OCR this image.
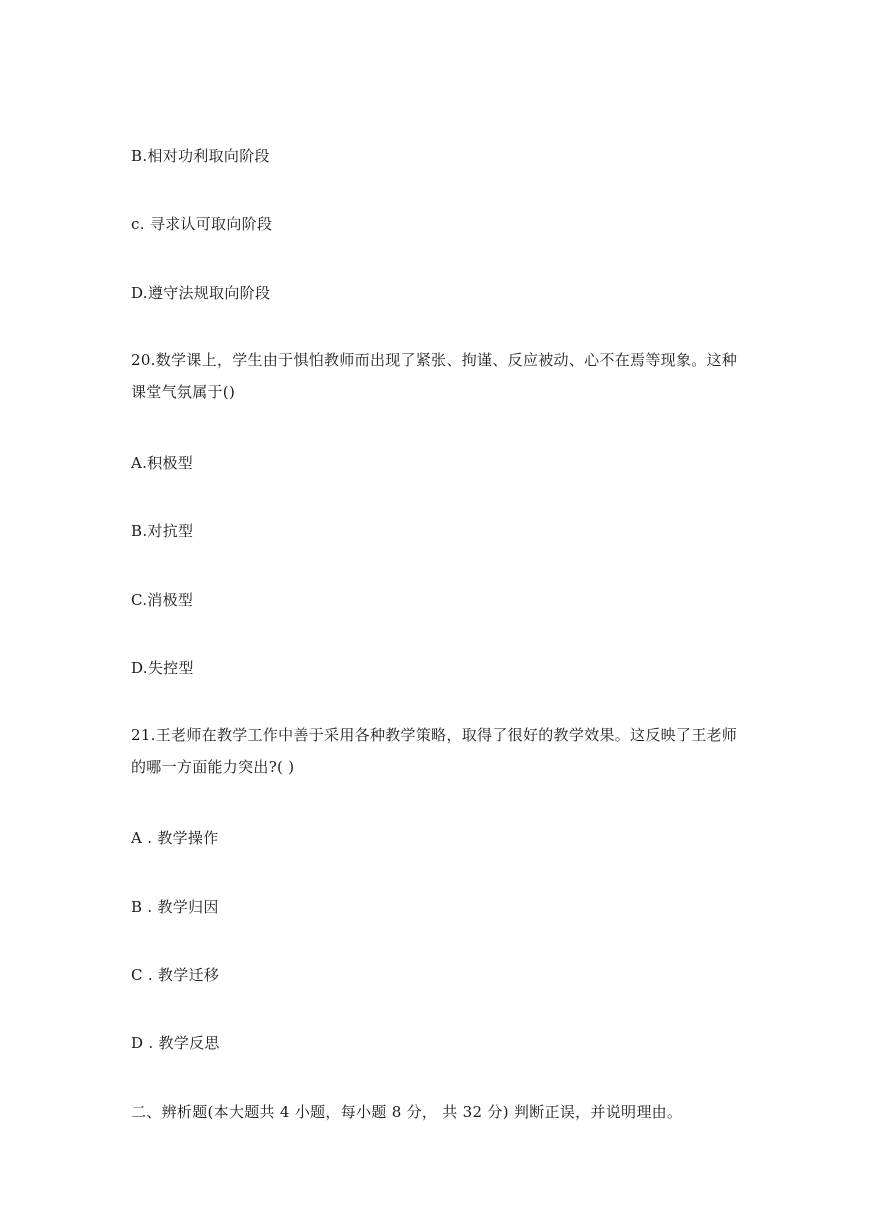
B.相对功利取向阶段
c. 寻求认可取向阶段
D.遵守法规取向阶段
20.数学课上，学生由于惧怕教师而出现了紧张、拘谨、反应被动、心不在焉等现象。这种
课堂气氛属于()
A.积极型
B.对抗型
C.消极型
D.失控型
21.王老师在教学工作中善于采用各种教学策略，取得了很好的教学效果。这反映了王老师
的哪一方面能力突出?( )
A . 教学操作
B . 教学归因
C . 教学迁移
D . 教学反思
二、辨析题(本大题共 4 小题，每小题 8 分， 共 32 分) 判断正误，并说明理由。
